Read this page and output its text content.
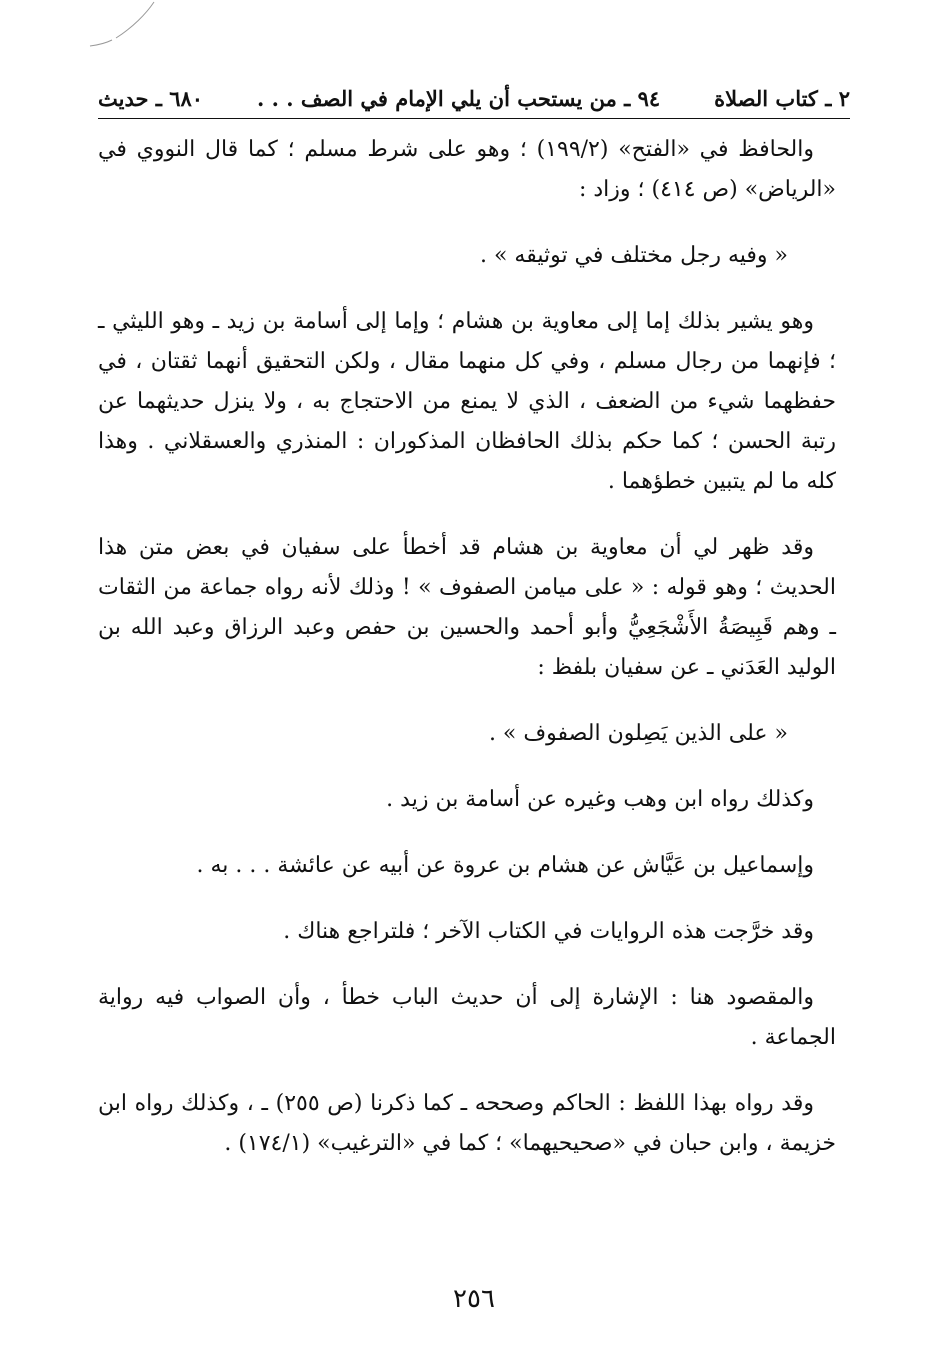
٢ ـ كتاب الصلاة
٩٤ ـ من يستحب أن يلي الإمام في الصف . . .
٦٨٠ ـ حديث

والحافظ في «الفتح» (١٩٩/٢) ؛ وهو على شرط مسلم ؛ كما قال النووي في «الرياض» (ص ٤١٤) ؛ وزاد :

« وفيه رجل مختلف في توثيقه » .

وهو يشير بذلك إما إلى معاوية بن هشام ؛ وإما إلى أسامة بن زيد ـ وهو الليثي ـ ؛ فإنهما من رجال مسلم ، وفي كل منهما مقال ، ولكن التحقيق أنهما ثقتان ، في حفظهما شيء من الضعف ، الذي لا يمنع من الاحتجاج به ، ولا ينزل حديثهما عن رتبة الحسن ؛ كما حكم بذلك الحافظان المذكوران : المنذري والعسقلاني . وهذا كله ما لم يتبين خطؤهما .

وقد ظهر لي أن معاوية بن هشام قد أخطأ على سفيان في بعض متن هذا الحديث ؛ وهو قوله : « على ميامن الصفوف » ! وذلك لأنه رواه جماعة من الثقات ـ وهم قَبِيصَةُ الأَشْجَعِيُّ وأبو أحمد والحسين بن حفص وعبد الرزاق وعبد الله بن الوليد العَدَني ـ عن سفيان بلفظ :

« على الذين يَصِلون الصفوف » .

وكذلك رواه ابن وهب وغيره عن أسامة بن زيد .

وإسماعيل بن عَيَّاش عن هشام بن عروة عن أبيه عن عائشة . . . به .

وقد خرَّجت هذه الروايات في الكتاب الآخر ؛ فلتراجع هناك .

والمقصود هنا : الإشارة إلى أن حديث الباب خطأ ، وأن الصواب فيه رواية الجماعة .

وقد رواه بهذا اللفظ : الحاكم وصححه ـ كما ذكرنا (ص ٢٥٥) ـ ، وكذلك رواه ابن خزيمة ، وابن حبان في «صحيحيهما» ؛ كما في «الترغيب» (١٧٤/١) .

٢٥٦
